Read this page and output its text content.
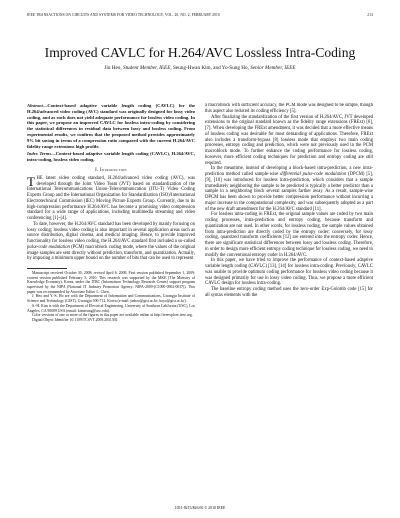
IEEE TRANSACTIONS ON CIRCUITS AND SYSTEMS FOR VIDEO TECHNOLOGY, VOL. 20, NO. 2, FEBRUARY 2010	213
Improved CAVLC for H.264/AVC Lossless Intra-Coding
Jin Heo, Student Member, IEEE, Seung-Hwan Kim, and Yo-Sung Ho, Senior Member, IEEE

Abstract—Context-based adaptive variable length coding (CAVLC) for the H.264/advanced video coding (AVC) standard was originally designed for lossy video coding, and as such does not yield adequate performance for lossless video coding. In this paper, we propose an improved CAVLC for lossless intra-coding by considering the statistical differences in residual data between lossy and lossless coding. From experimental results, we confirm that the proposed method provides approximately 9% bit saving in terms of a compression ratio compared with the current H.264/AVC fidelity range extensions high profile.

Index Terms—Context-based adaptive variable length coding (CAVLC), H.264/AVC, intra-coding, lossless video coding.

I. Introduction

THE latest video coding standard, H.264/advanced video coding (AVC), was developed through the Joint Video Team (JVT) based on standardization of the International Telecommunications Union-Telecommunication (ITU-T) Video Coding Experts Group and the International Organization for Standardization (ISO)/International Electrotechnical Commission (IEC) Moving Picture Experts Group. Currently, due to its high-compression performance H.264/AVC has become a promising video compression standard for a wide range of applications, including multimedia streaming and video conferencing [1]–[4].

To date, however, the H.264/AVC standard has been developed by mainly focusing on lossy coding; lossless video coding is also important in several application areas such as source distribution, digital cinema, and medical imaging. Hence, to provide improved functionality for lossless video coding, the H.264/AVC standard first included a so-called pulse-code modulation (PCM) macroblock coding mode, where the values of the original image samples are sent directly without prediction, transform, and quantization. Actually, by imposing a minimum upper bound on the number of bits that can be used to represent

Manuscript received October 30, 2008; revised April 6, 2009. First version published September 1, 2009; current version published February 5, 2010. This research was supported by the MKE (The Ministry of Knowledge Economy), Korea, under the ITRC (Information Technology Research Center) support program supervised by the NIPA (National IT Industry Promotion Agency; NIPA-2009-(C1090-0902-0017)). This paper was recommended by Associate Editor L. Chen.

J. Heo and Y.-S. Ho are with the Department of Information and Communications, Gwangju Institute of Science and Technology (GIST), Gwangju 500-712, Korea (e-mail: jinheo@gist.ac.kr; hoyo@gist.ac.kr).

S.-H. Kim is with the Department of Electrical Engineering, University of Southern California (USC), Los Angeles, CA 90089 USA (email: kimseung@usc.edu).

Color versions of one or more of the figures in this paper are available online at http://ieeexplore.ieee.org.

Digital Object Identifier 10.1109/TCSVT.2009.2031392

a macroblock with sufficient accuracy, the PCM mode was designed to be simple, though this aspect also reduced its coding efficiency [5].

After finalizing the standardization of the first version of H.264/AVC, JVT developed extensions to the original standard known as the fidelity range extensions (FRExt) [6], [7]. When developing the FRExt amendment, it was decided that a more effective means of lossless coding was desirable for most demanding of applications. Therefore, FRExt also includes a transform-bypass [8] lossless mode that employs two main coding processes, entropy coding and prediction, which were not previously used in the PCM macroblock mode. To further enhance the coding performance for lossless coding, however, more efficient coding techniques for prediction and entropy coding are still required.

In the meantime, instead of developing a block-based intra-prediction, a new intra-prediction method called sample-wise differential pulse-code modulation (DPCM) [5], [9], [10] was introduced for lossless intra-prediction, which considers that a sample immediately neighboring the sample to be predicted is typically a better predictor than a sample in a neighboring block several samples farther away. As a result, sample-wise DPCM has been shown to provide better compression performance without incurring a major increase in the computational complexity, and was subsequently adopted as a part of the new draft amendment for the H.264/AVC standard [11].

For lossless intra-coding in FRExt, the original sample values are coded by two main coding processes, intra-prediction and entropy coding, because transform and quantization are not used. In other words, for lossless coding, the sample values obtained from intra-prediction are directly coded by the entropy coder; conversely, for lossy coding, quantized transform coefficients [12] are entered into the entropy coder. Hence, there are significant statistical differences between lossy and lossless coding. Therefore, in order to design more efficient entropy coding technique for lossless coding, we need to modify the conventional entropy coder in H.264/AVC.

In this paper, we have tried to improve the performance of context-based adaptive variable length coding (CAVLC) [13], [14] for lossless intra-coding. Previously, CAVLC was unable to provide optimum coding performance for lossless video coding because it was designed primarily for use in lossy video coding. Thus, we propose a more efficient CAVLC design for lossless intra-coding.

The baseline entropy coding method uses the zero-order Exp-Golomb code [15] for all syntax elements with the

1051-8215/$26.00 © 2010 IEEE
